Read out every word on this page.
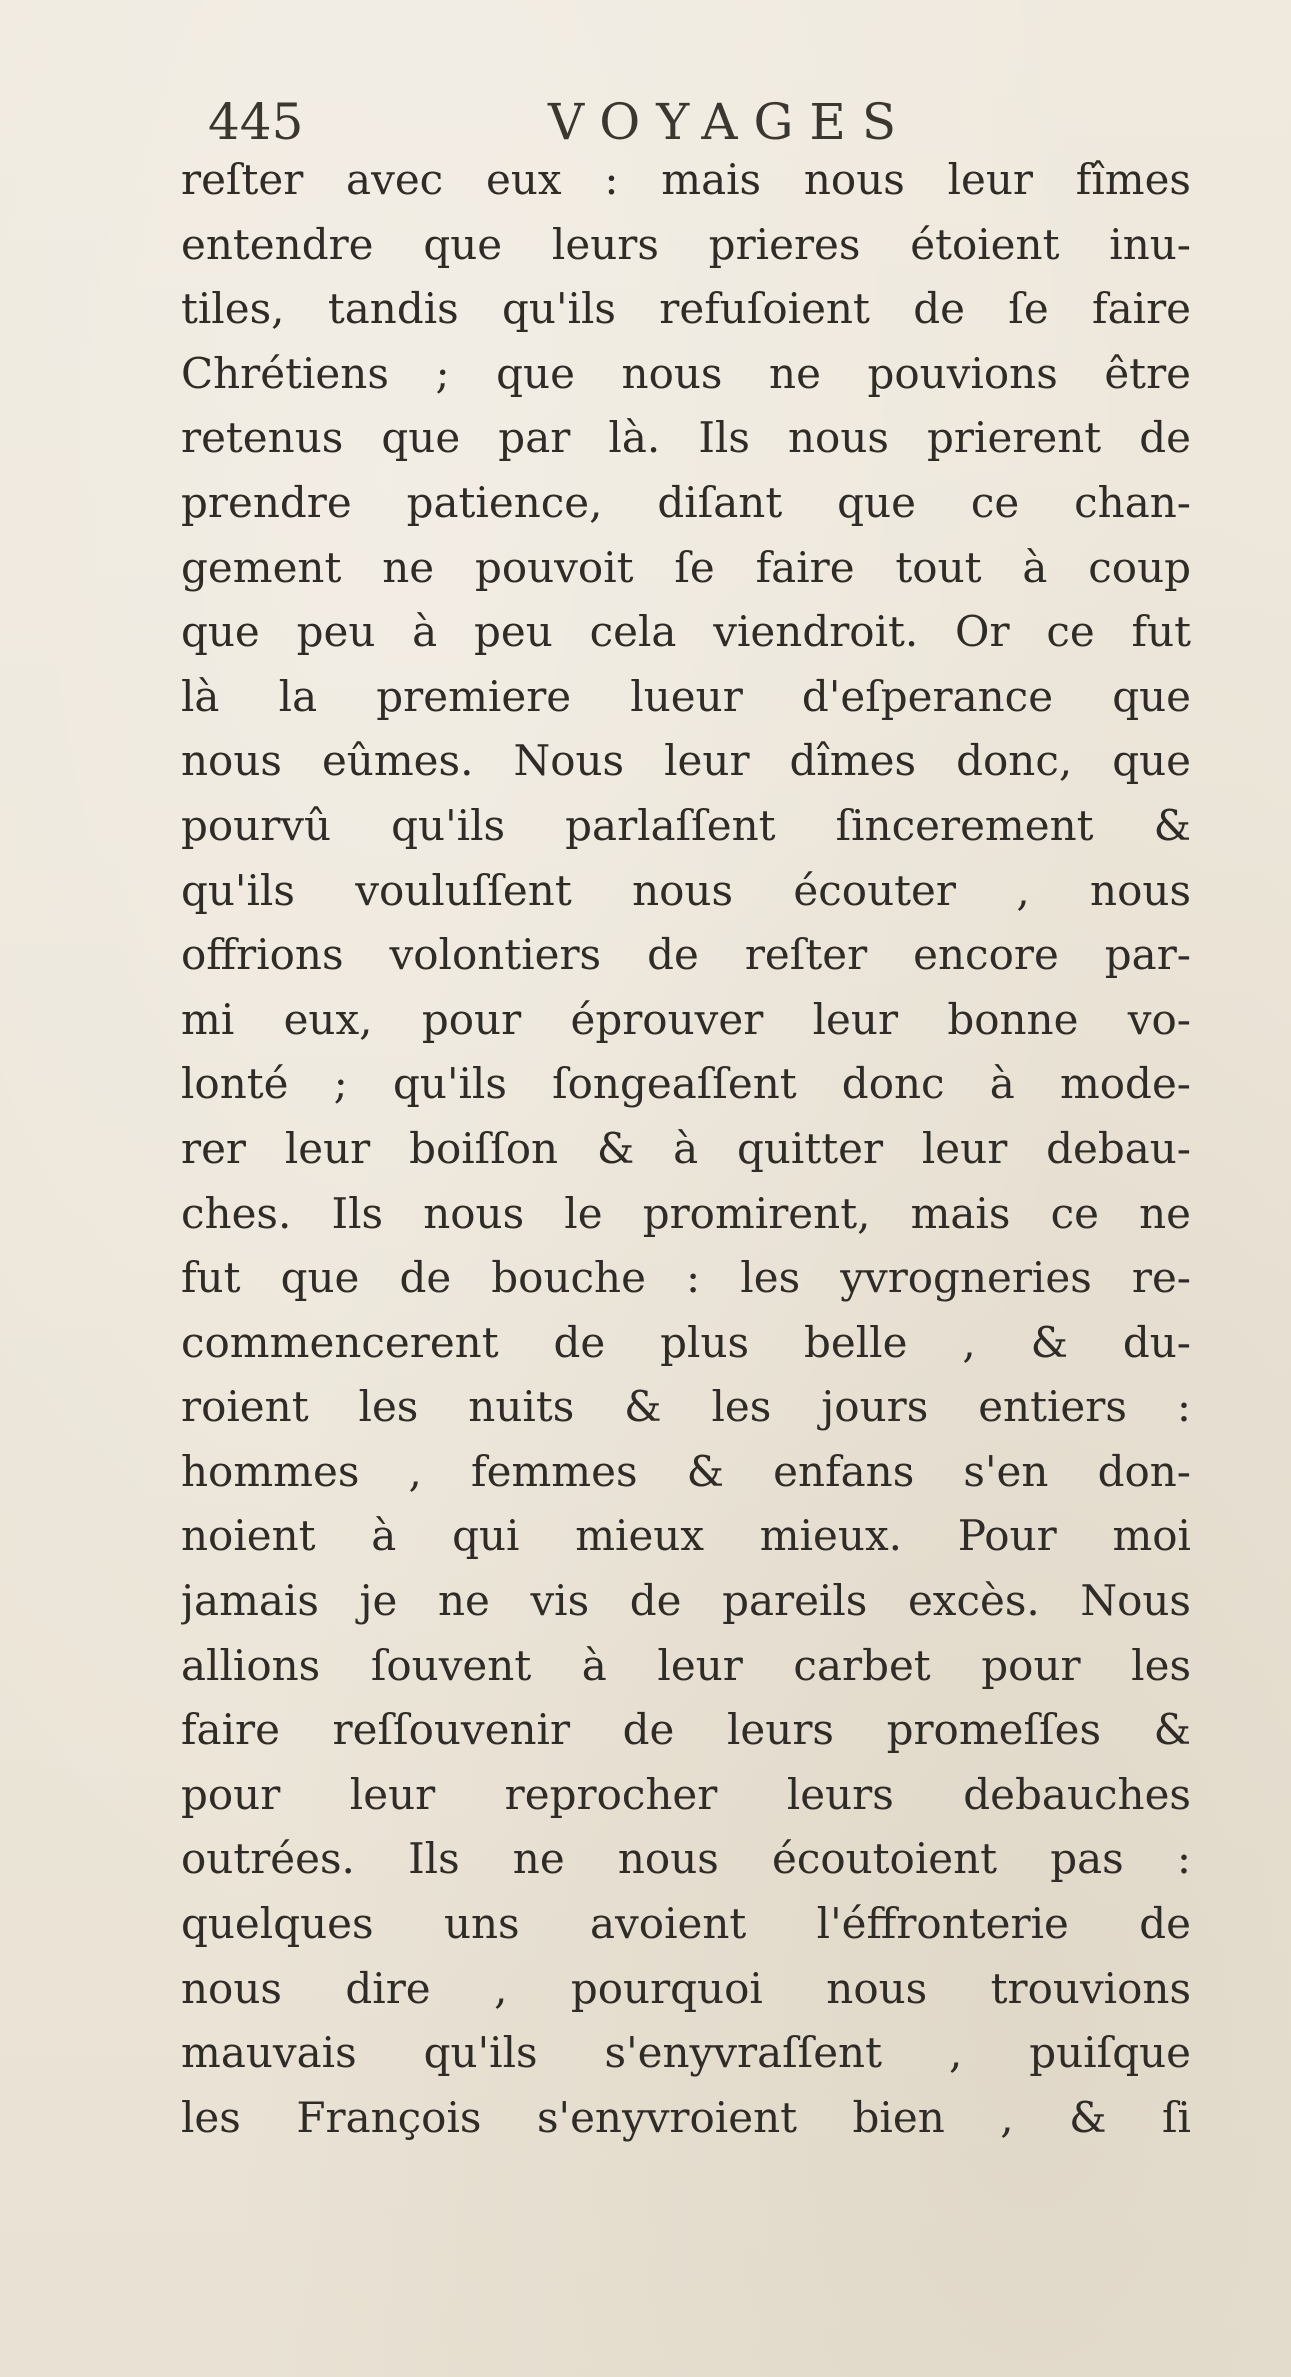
445	VOYAGES
reſter avec eux : mais nous leur fîmes
entendre que leurs prieres étoient inu-
tiles, tandis qu'ils refuſoient de ſe faire
Chrétiens ; que nous ne pouvions être
retenus que par là. Ils nous prierent de
prendre patience, diſant que ce chan-
gement ne pouvoit ſe faire tout à coup
que peu à peu cela viendroit. Or ce fut
là la premiere lueur d'eſperance que
nous eûmes. Nous leur dîmes donc, que
pourvû qu'ils parlaſſent ſincerement &
qu'ils vouluſſent nous écouter , nous
offrions volontiers de reſter encore par-
mi eux, pour éprouver leur bonne vo-
lonté ; qu'ils ſongeaſſent donc à mode-
rer leur boiſſon & à quitter leur debau-
ches. Ils nous le promirent, mais ce ne
fut que de bouche : les yvrogneries re-
commencerent de plus belle , & du-
roient les nuits & les jours entiers :
hommes , femmes & enfans s'en don-
noient à qui mieux mieux. Pour moi
jamais je ne vis de pareils excès. Nous
allions ſouvent à leur carbet pour les
faire reſſouvenir de leurs promeſſes &
pour leur reprocher leurs debauches
outrées. Ils ne nous écoutoient pas :
quelques uns avoient l'éffronterie de
nous dire , pourquoi nous trouvions
mauvais qu'ils s'enyvraſſent , puiſque
les François s'enyvroient bien , & ſi
